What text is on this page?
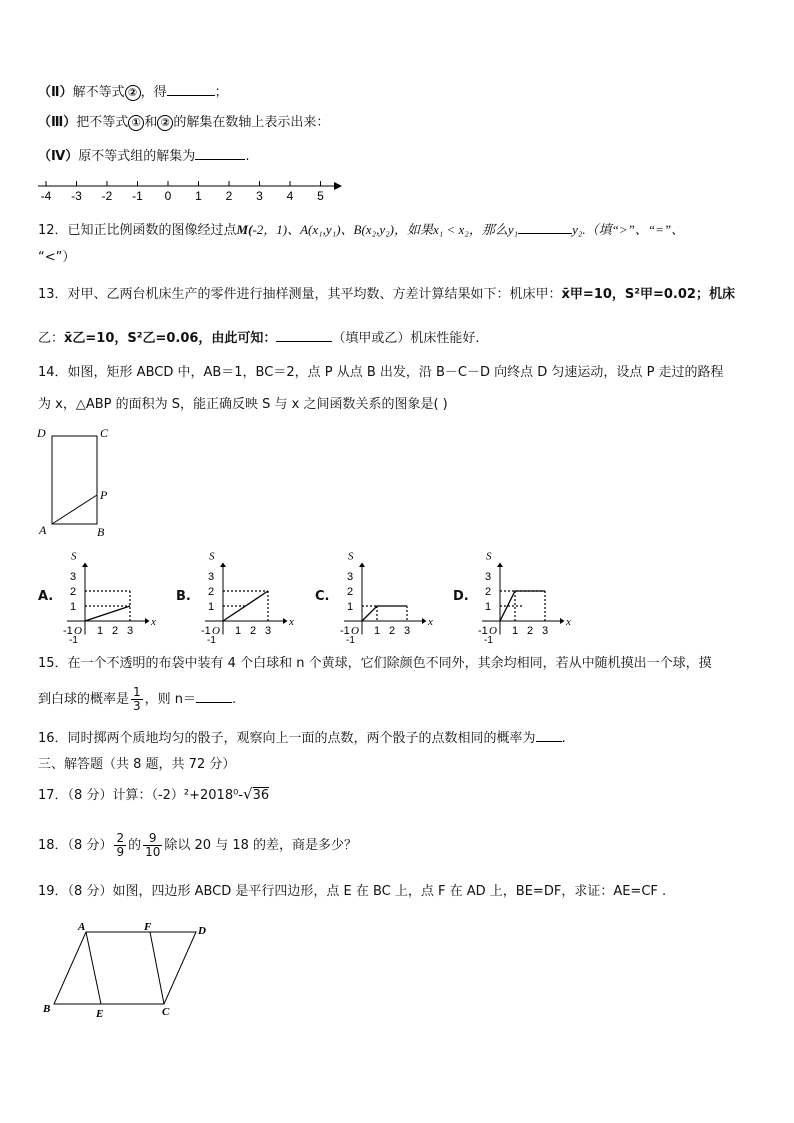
（Ⅱ）解不等式 ② ，得	；
（Ⅲ）把不等式 ① 和 ② 的解集在数轴上表示出来：
（Ⅳ）原不等式组的解集为	.
-4 -3 -2 -1 0 1 2 3 4 5
12．已知正比例函数的图像经过点M(-2，1)、A(x₁,y₁)、B(x₂,y₂)，如果x₁ < x₂，那么y₁	y₂.（填“>”、“=”、
“<”）
13．对甲、乙两台机床生产的零件进行抽样测量，其平均数、方差计算结果如下：机床甲：x̄甲=10，S²甲=0.02；机床
乙：x̄乙=10，S²乙=0.06，由此可知：	（填甲或乙）机床性能好.
14．如图，矩形 ABCD 中，AB＝1，BC＝2，点 P 从点 B 出发，沿 B－C－D 向终点 D 匀速运动，设点 P 走过的路程
为 x，△ABP 的面积为 S，能正确反映 S 与 x 之间函数关系的图象是( )
D	C
P
A	B
A.	B.	C.	D.
1 2 3
1
2
3
S
x
-1 O
-1
1 2 3
1
2
3
S
x
-1 O
-1
1 2 3
1
2
3
S
x
-1 O
-1
1 2 3
1
2
3
S
x
-1 O
-1
15．在一个不透明的布袋中装有 4 个白球和 n 个黄球，它们除颜色不同外，其余均相同，若从中随机摸出一个球，摸
到白球的概率是 $\frac{1}{3}$ ，则 n＝	.
16．同时掷两个质地均匀的骰子，观察向上一面的点数，两个骰子的点数相同的概率为 .
三、解答题（共 8 题，共 72 分）
17．（8 分）计算：（-2）²+2018⁰-√36
18．（8 分） $\frac{2}{9}$ 的 $\frac{9}{10}$ 除以 20 与 18 的差，商是多少？
19．（8 分）如图，四边形 ABCD 是平行四边形，点 E 在 BC 上，点 F 在 AD 上，BE=DF，求证：AE=CF .
A	F	D
B	E	C
